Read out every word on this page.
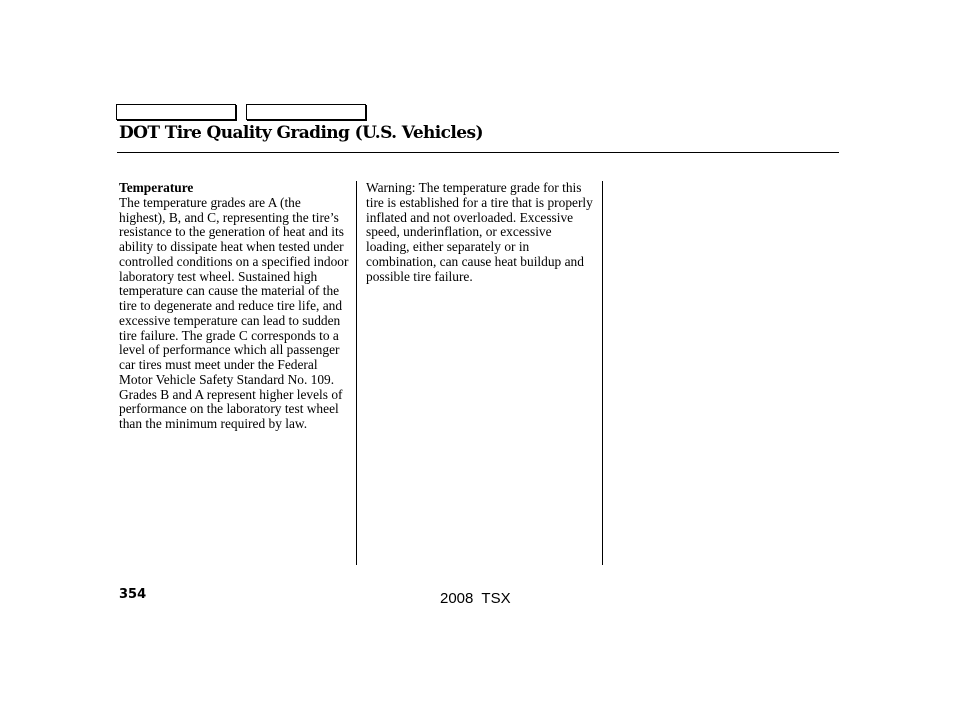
DOT Tire Quality Grading (U.S. Vehicles)
Temperature

The temperature grades are A (the highest), B, and C, representing the tire’s resistance to the generation of heat and its ability to dissipate heat when tested under controlled conditions on a specified indoor laboratory test wheel. Sustained high temperature can cause the material of the tire to degenerate and reduce tire life, and excessive temperature can lead to sudden tire failure. The grade C corresponds to a level of performance which all passenger car tires must meet under the Federal Motor Vehicle Safety Standard No. 109. Grades B and A represent higher levels of performance on the laboratory test wheel than the minimum required by law.

Warning: The temperature grade for this tire is established for a tire that is properly inflated and not overloaded. Excessive speed, underinflation, or excessive loading, either separately or in combination, can cause heat buildup and possible tire failure.

354	2008  TSX
